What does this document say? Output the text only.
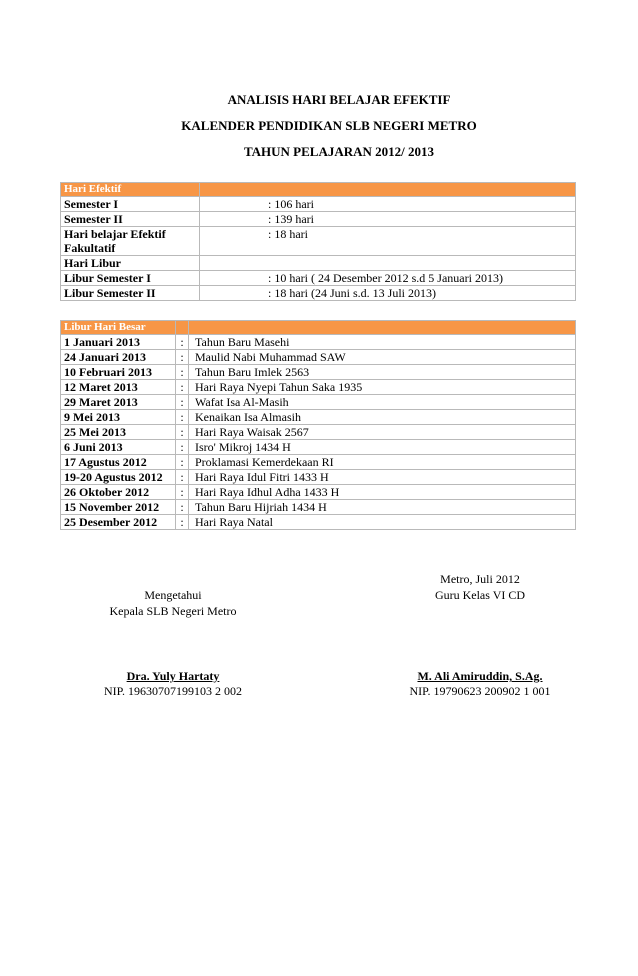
ANALISIS HARI BELAJAR EFEKTIF
KALENDER PENDIDIKAN SLB NEGERI METRO
TAHUN PELAJARAN 2012/ 2013
Hari Efektif	
Semester I	: 106 hari
Semester II	: 139 hari
Hari belajar Efektif
Fakultatif	: 18 hari
Hari Libur	
Libur Semester I	: 10 hari ( 24 Desember 2012 s.d 5 Januari 2013)
Libur Semester II	: 18 hari (24 Juni s.d. 13 Juli 2013)
Libur Hari Besar		
1 Januari 2013	:	Tahun Baru Masehi
24 Januari 2013	:	Maulid Nabi Muhammad SAW
10 Februari 2013	:	Tahun Baru Imlek 2563
12 Maret 2013	:	Hari Raya Nyepi Tahun Saka 1935
29 Maret 2013	:	Wafat Isa Al-Masih
9 Mei 2013	:	Kenaikan Isa Almasih
25 Mei 2013	:	Hari Raya Waisak 2567
6 Juni 2013	:	Isro' Mikroj 1434 H
17 Agustus 2012	:	Proklamasi Kemerdekaan RI
19-20 Agustus 2012	:	Hari Raya Idul Fitri 1433 H
26 Oktober 2012	:	Hari Raya Idhul Adha 1433 H
15 November 2012	:	Tahun Baru Hijriah 1434 H
25 Desember 2012	:	Hari Raya Natal
Metro, Juli 2012
Mengetahui	Guru Kelas VI CD
Kepala SLB Negeri Metro
Dra. Yuly Hartaty
NIP. 19630707199103 2 002
M. Ali Amiruddin, S.Ag.
NIP. 19790623 200902 1 001
